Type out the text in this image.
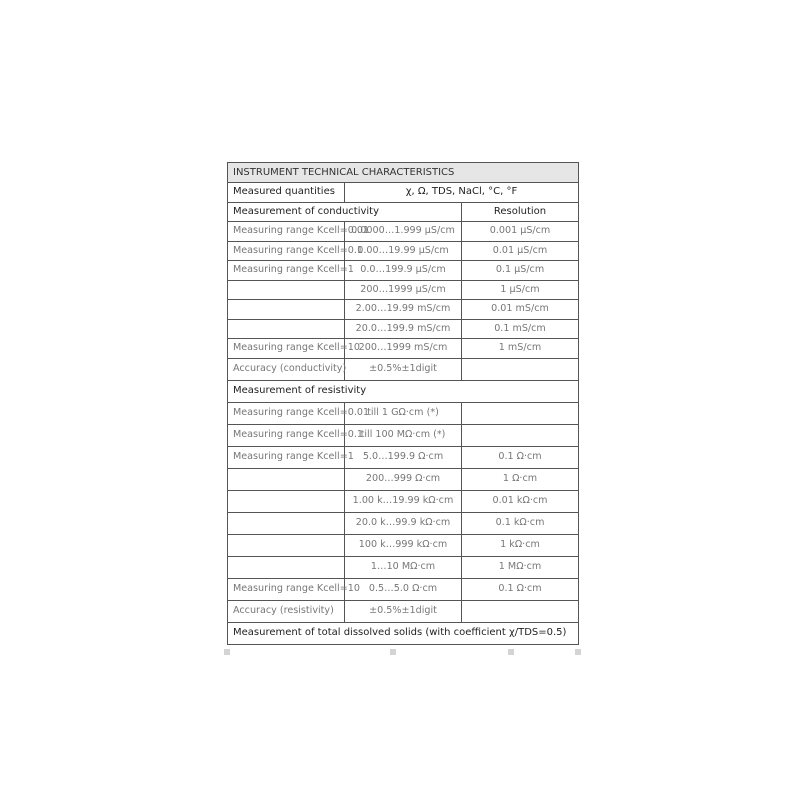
INSTRUMENT TECHNICAL CHARACTERISTICS		
Measured quantities	χ, Ω, TDS, NaCl, °C, °F	
Measurement of conductivity		Resolution
Measuring range Kcell=0.01	0.0000…1.999 µS/cm	0.001 µS/cm
Measuring range Kcell=0.1	0.00…19.99 µS/cm	0.01 µS/cm
Measuring range Kcell=1	0.0…199.9 µS/cm	0.1 µS/cm
	200…1999 µS/cm	1 µS/cm
	2.00…19.99 mS/cm	0.01 mS/cm
	20.0…199.9 mS/cm	0.1 mS/cm
Measuring range Kcell=10	200…1999 mS/cm	1 mS/cm
Accuracy (conductivity)	±0.5%±1digit	
Measurement of resistivity		
Measuring range Kcell=0.01	till 1 GΩ·cm (*)	
Measuring range Kcell=0.1	till 100 MΩ·cm (*)	
Measuring range Kcell=1	5.0…199.9 Ω·cm	0.1 Ω·cm
	200…999 Ω·cm	1 Ω·cm
	1.00 k…19.99 kΩ·cm	0.01 kΩ·cm
	20.0 k…99.9 kΩ·cm	0.1 kΩ·cm
	100 k…999 kΩ·cm	1 kΩ·cm
	1…10 MΩ·cm	1 MΩ·cm
Measuring range Kcell=10	0.5…5.0 Ω·cm	0.1 Ω·cm
Accuracy (resistivity)	±0.5%±1digit	
Measurement of total dissolved solids (with coefficient χ/TDS=0.5)		
